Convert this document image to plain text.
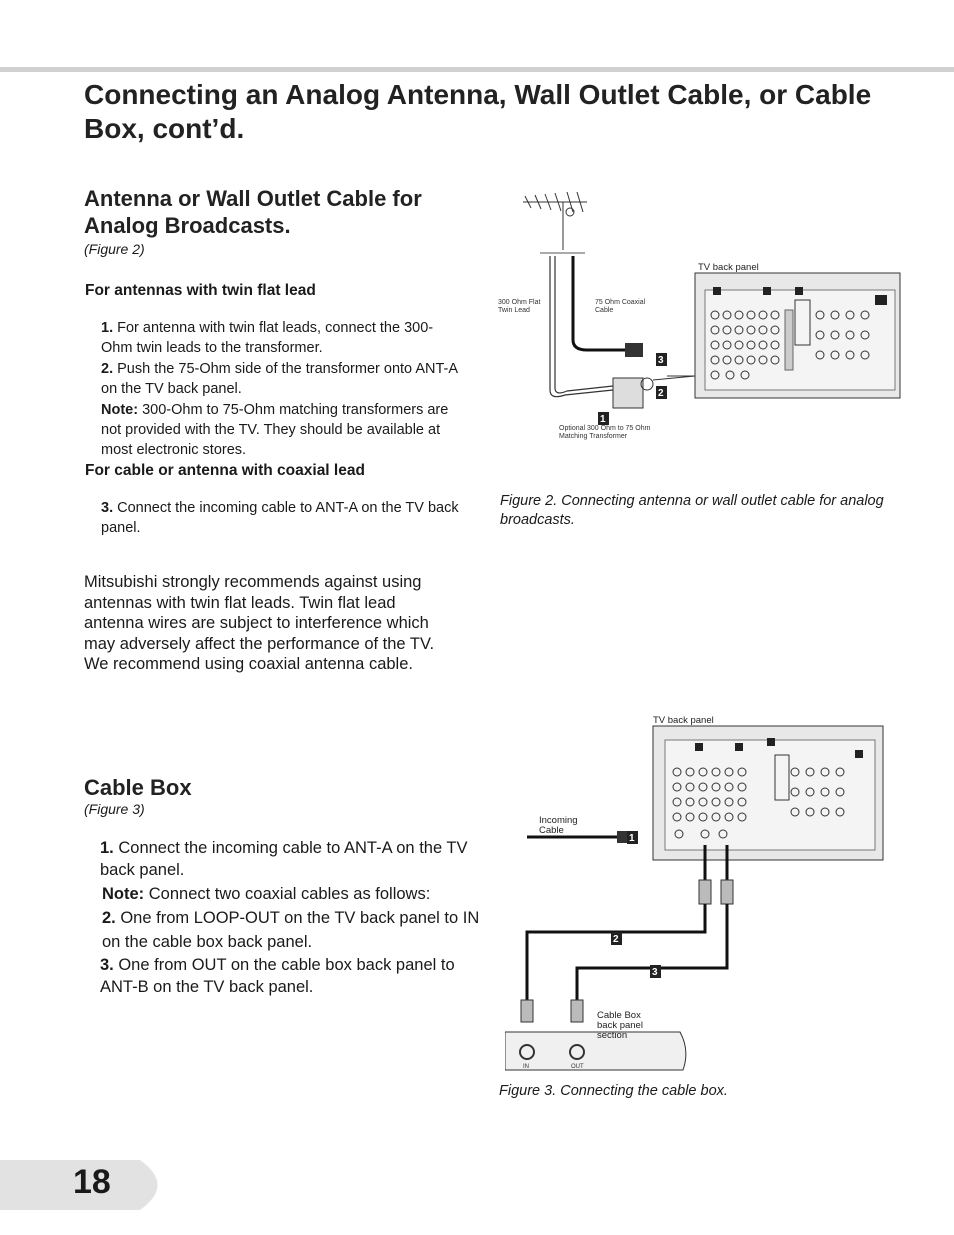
Connecting an Analog Antenna, Wall Outlet Cable, or Cable Box, cont’d.
Antenna or Wall Outlet Cable for Analog Broadcasts.
(Figure 2)
For antennas with twin flat lead
1. For antenna with twin flat leads, connect the 300-Ohm twin leads to the transformer.
2. Push the 75-Ohm side of the transformer onto ANT-A on the TV back panel.
Note: 300-Ohm to 75-Ohm matching transformers are not provided with the TV. They should be available at most electronic stores.
For cable or antenna with coaxial lead
3. Connect the incoming cable to ANT-A on the TV back panel.
Mitsubishi strongly recommends against using antennas with twin flat leads. Twin flat lead antenna wires are subject to interference which may adversely affect the performance of the TV. We recommend using coaxial antenna cable.
300 Ohm Flat Twin Lead
75 Ohm Coaxial Cable
Optional 300 Ohm to 75 Ohm Matching Transformer
3
2
1
TV back panel
Figure 2. Connecting antenna or wall outlet cable for analog broadcasts.
Cable Box
(Figure 3)
1. Connect the incoming cable to ANT-A on the TV back panel.
Note: Connect two coaxial cables as follows:
2. One from LOOP-OUT on the TV back panel to IN on the cable box back panel.
3. One from OUT on the cable box back panel to ANT-B on the TV back panel.
TV back panel
Incoming Cable
1
2
3
Cable Box back panel section
IN	OUT
Figure 3. Connecting the cable box.
18
